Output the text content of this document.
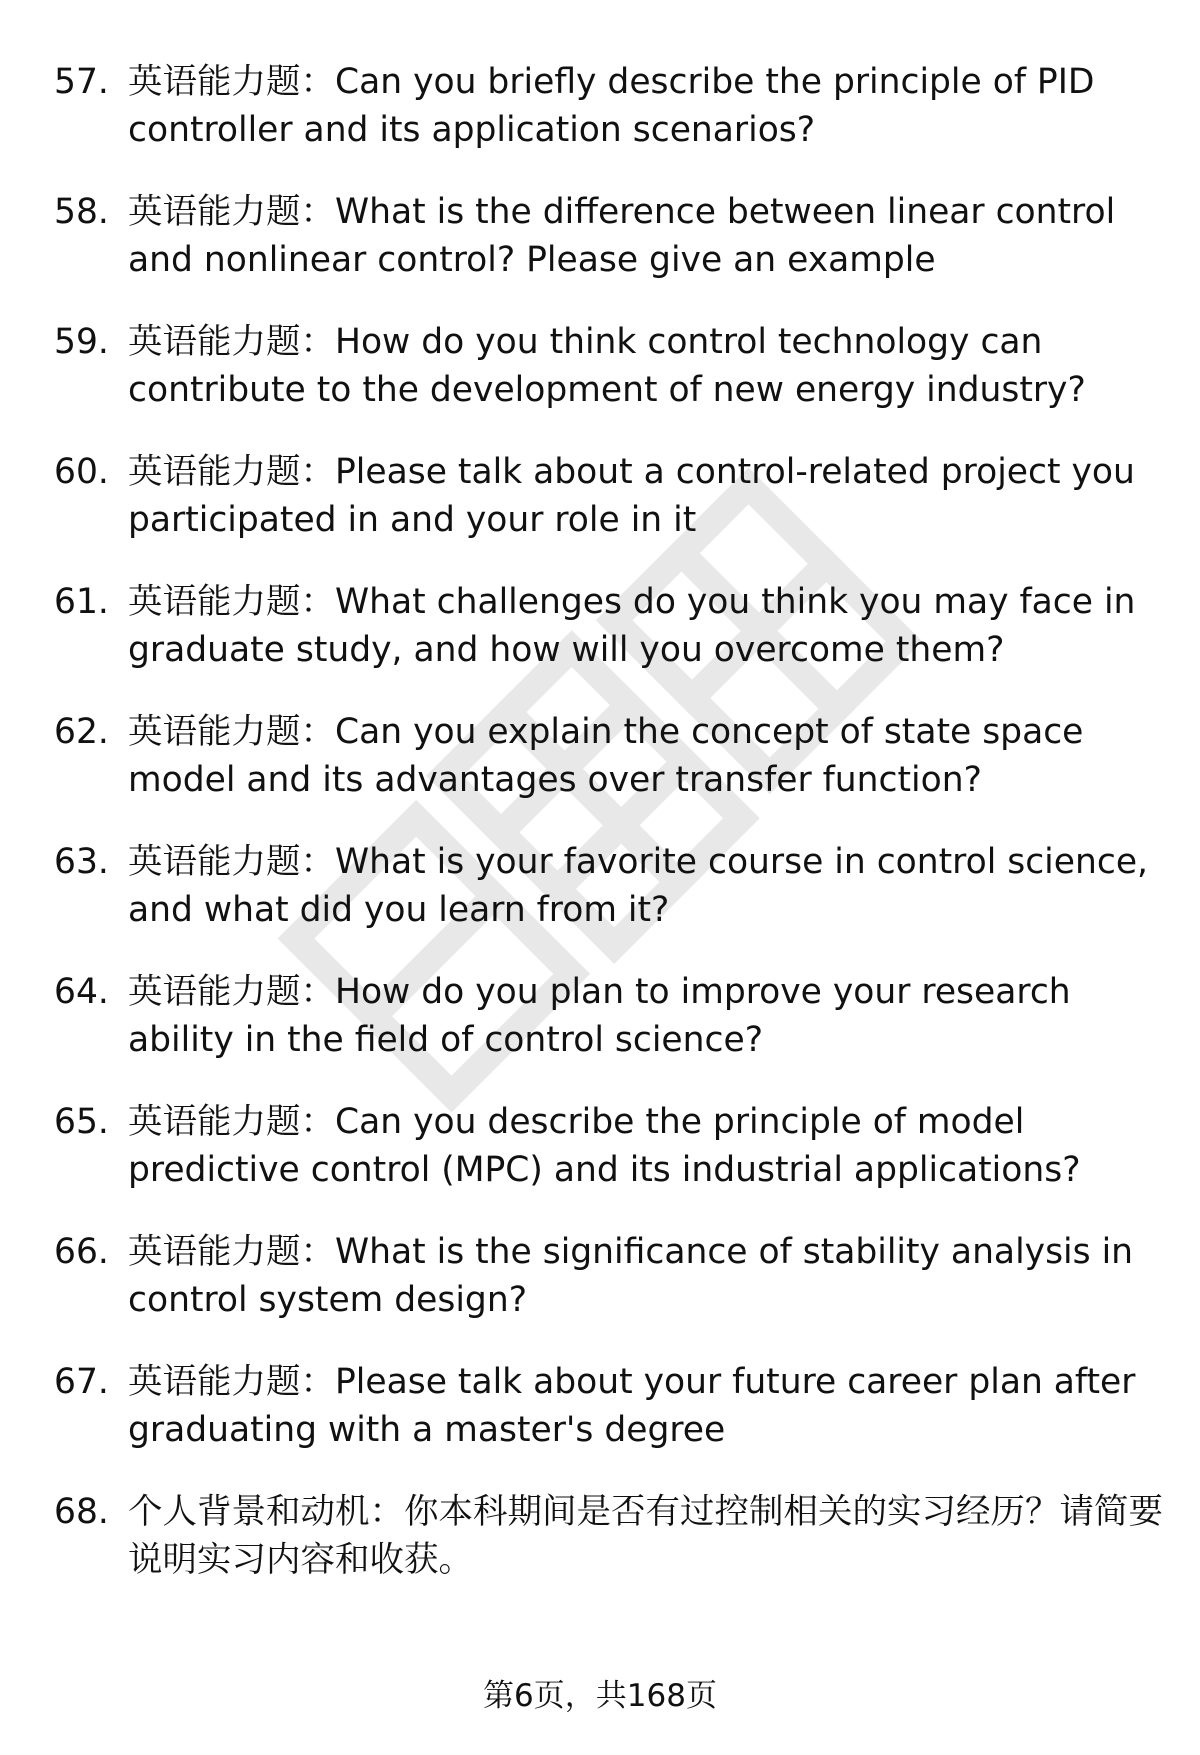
57. 英语能力题：Can you briefly describe the principle of PID controller and its application scenarios?
58. 英语能力题：What is the difference between linear control and nonlinear control? Please give an example
59. 英语能力题：How do you think control technology can contribute to the development of new energy industry?
60. 英语能力题：Please talk about a control-related project you participated in and your role in it
61. 英语能力题：What challenges do you think you may face in graduate study, and how will you overcome them?
62. 英语能力题：Can you explain the concept of state space model and its advantages over transfer function?
63. 英语能力题：What is your favorite course in control science, and what did you learn from it?
64. 英语能力题：How do you plan to improve your research ability in the field of control science?
65. 英语能力题：Can you describe the principle of model predictive control (MPC) and its industrial applications?
66. 英语能力题：What is the significance of stability analysis in control system design?
67. 英语能力题：Please talk about your future career plan after graduating with a master's degree
68. 个人背景和动机：你本科期间是否有过控制相关的实习经历？请简要说明实习内容和收获。
第6页，共168页
